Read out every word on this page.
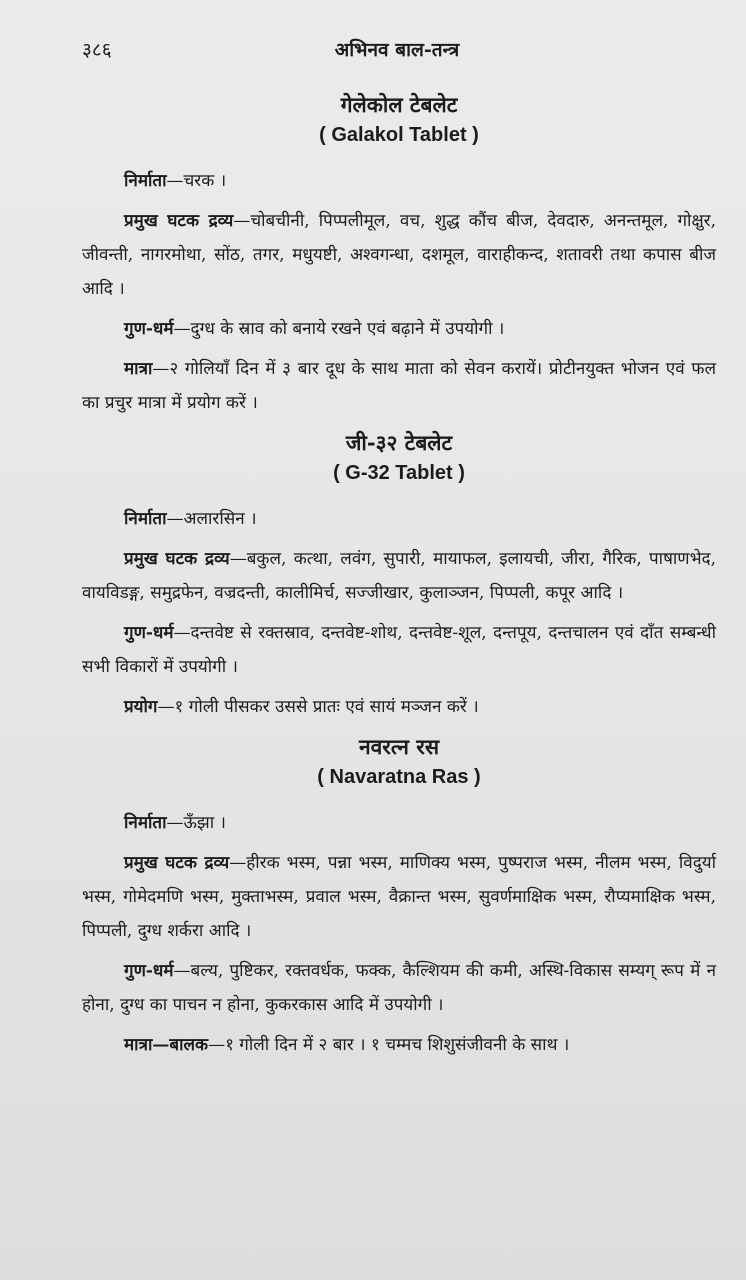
३८६	अभिनव बाल-तन्त्र
गेलेकोल टेबलेट
( Galakol Tablet )

निर्माता—चरक ।

प्रमुख घटक द्रव्य—चोबचीनी, पिप्पलीमूल, वच, शुद्ध कौंच बीज, देवदारु, अनन्तमूल, गोक्षुर, जीवन्ती, नागरमोथा, सोंठ, तगर, मधुयष्टी, अश्वगन्धा, दशमूल, वाराहीकन्द, शतावरी तथा कपास बीज आदि ।

गुण-धर्म—दुग्ध के स्राव को बनाये रखने एवं बढ़ाने में उपयोगी ।

मात्रा—२ गोलियाँ दिन में ३ बार दूध के साथ माता को सेवन करायें। प्रोटीनयुक्त भोजन एवं फल का प्रचुर मात्रा में प्रयोग करें ।

जी-३२ टेबलेट
( G-32 Tablet )

निर्माता—अलारसिन ।

प्रमुख घटक द्रव्य—बकुल, कत्था, लवंग, सुपारी, मायाफल, इलायची, जीरा, गैरिक, पाषाणभेद, वायविडङ्ग, समुद्रफेन, वज्रदन्ती, कालीमिर्च, सज्जीखार, कुलाञ्जन, पिप्पली, कपूर आदि ।

गुण-धर्म—दन्तवेष्ट से रक्तस्राव, दन्तवेष्ट-शोथ, दन्तवेष्ट-शूल, दन्तपूय, दन्तचालन एवं दाँत सम्बन्धी सभी विकारों में उपयोगी ।

प्रयोग—१ गोली पीसकर उससे प्रातः एवं सायं मञ्जन करें ।

नवरत्न रस
( Navaratna Ras )

निर्माता—ऊँझा ।

प्रमुख घटक द्रव्य—हीरक भस्म, पन्ना भस्म, माणिक्य भस्म, पुष्पराज भस्म, नीलम भस्म, विदुर्या भस्म, गोमेदमणि भस्म, मुक्ताभस्म, प्रवाल भस्म, वैक्रान्त भस्म, सुवर्णमाक्षिक भस्म, रौप्यमाक्षिक भस्म, पिप्पली, दुग्ध शर्करा आदि ।

गुण-धर्म—बल्य, पुष्टिकर, रक्तवर्धक, फक्क, कैल्शियम की कमी, अस्थि-विकास सम्यग् रूप में न होना, दुग्ध का पाचन न होना, कुकरकास आदि में उपयोगी ।

मात्रा—बालक—१ गोली दिन में २ बार । १ चम्मच शिशुसंजीवनी के साथ ।
